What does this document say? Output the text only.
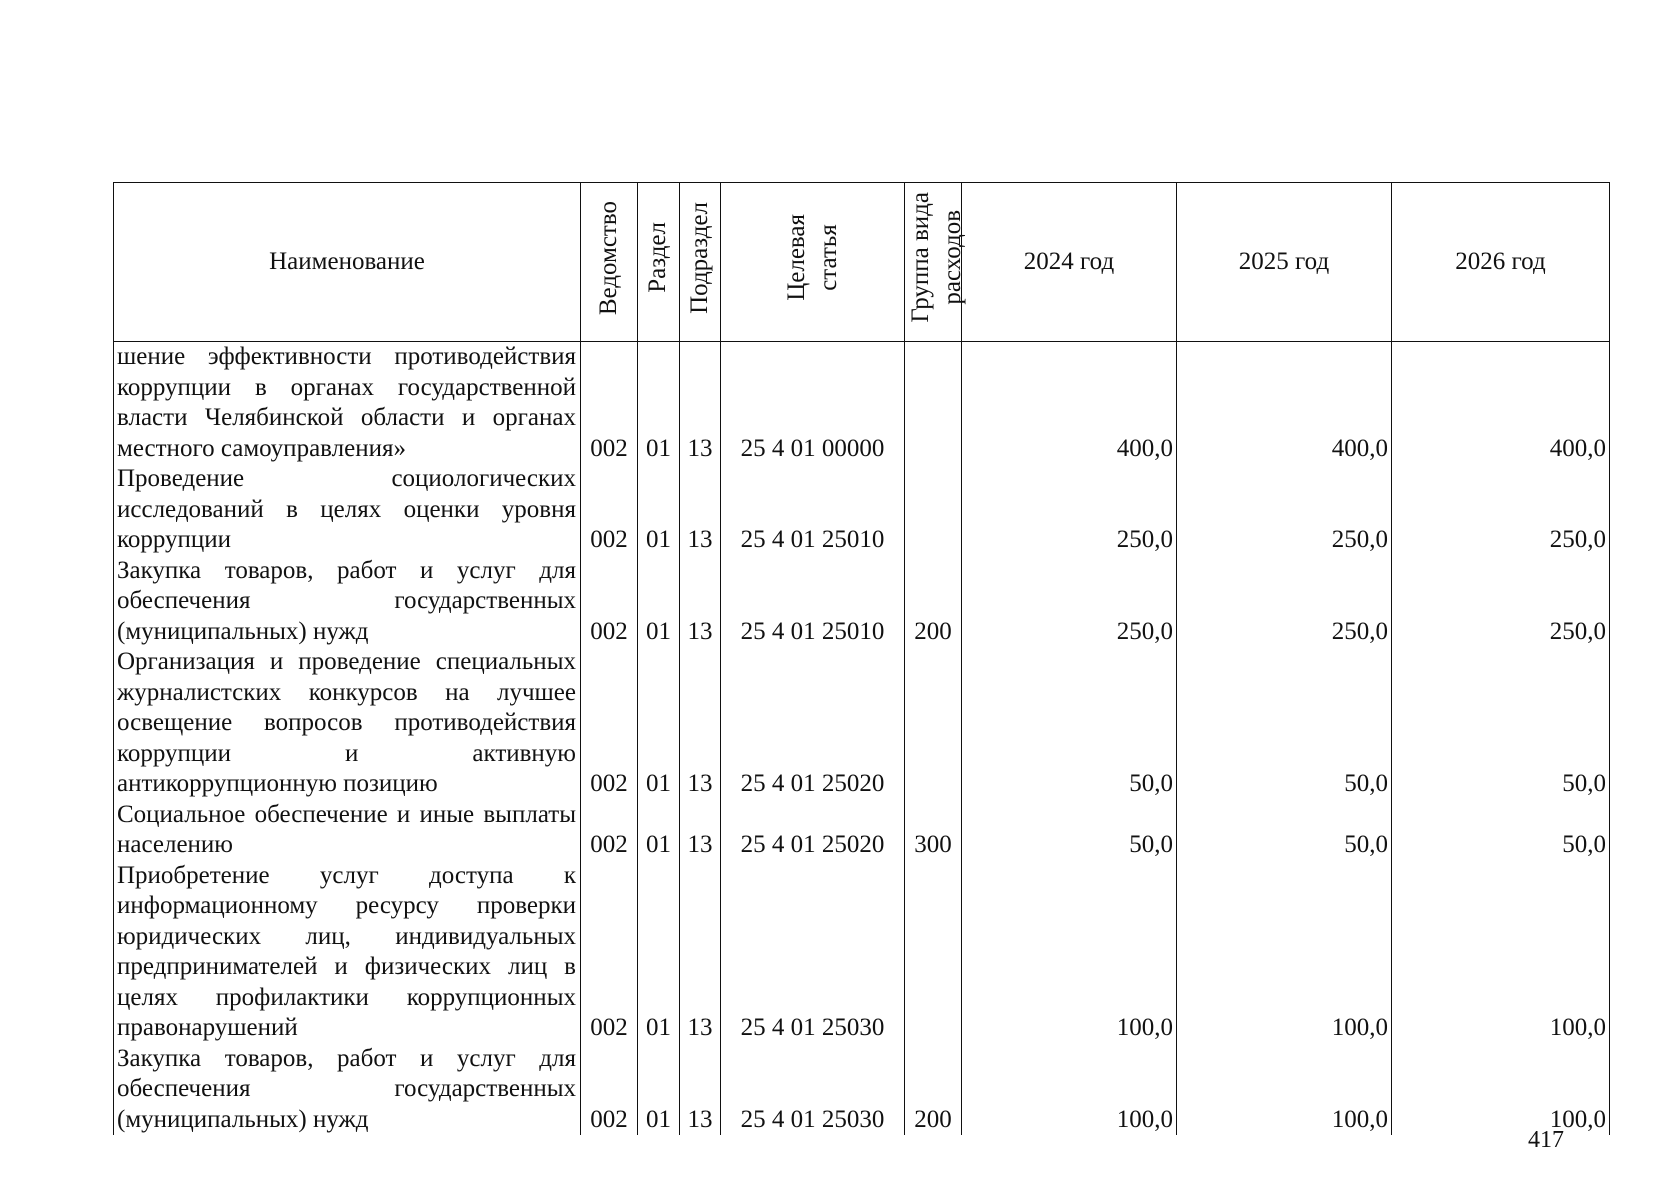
Наименование	Ведомство	Раздел	Подраздел	Целевая статья	Группа вида расходов	2024 год	2025 год	2026 год
шение эффективности противодействия коррупции в органах государственной власти Челябинской области и органах местного самоуправления»	002	01	13	25 4 01 00000		400,0	400,0	400,0
Проведение социологических исследований в целях оценки уровня коррупции	002	01	13	25 4 01 25010		250,0	250,0	250,0
Закупка товаров, работ и услуг для обеспечения государственных (муниципальных) нужд	002	01	13	25 4 01 25010	200	250,0	250,0	250,0
Организация и проведение специальных журналистских конкурсов на лучшее освещение вопросов противодействия коррупции и активную антикоррупционную позицию	002	01	13	25 4 01 25020		50,0	50,0	50,0
Социальное обеспечение и иные выплаты населению	002	01	13	25 4 01 25020	300	50,0	50,0	50,0
Приобретение услуг доступа к информационному ресурсу проверки юридических лиц, индивидуальных предпринимателей и физических лиц в целях профилактики коррупционных правонарушений	002	01	13	25 4 01 25030		100,0	100,0	100,0
Закупка товаров, работ и услуг для обеспечения государственных (муниципальных) нужд	002	01	13	25 4 01 25030	200	100,0	100,0	100,0
417
